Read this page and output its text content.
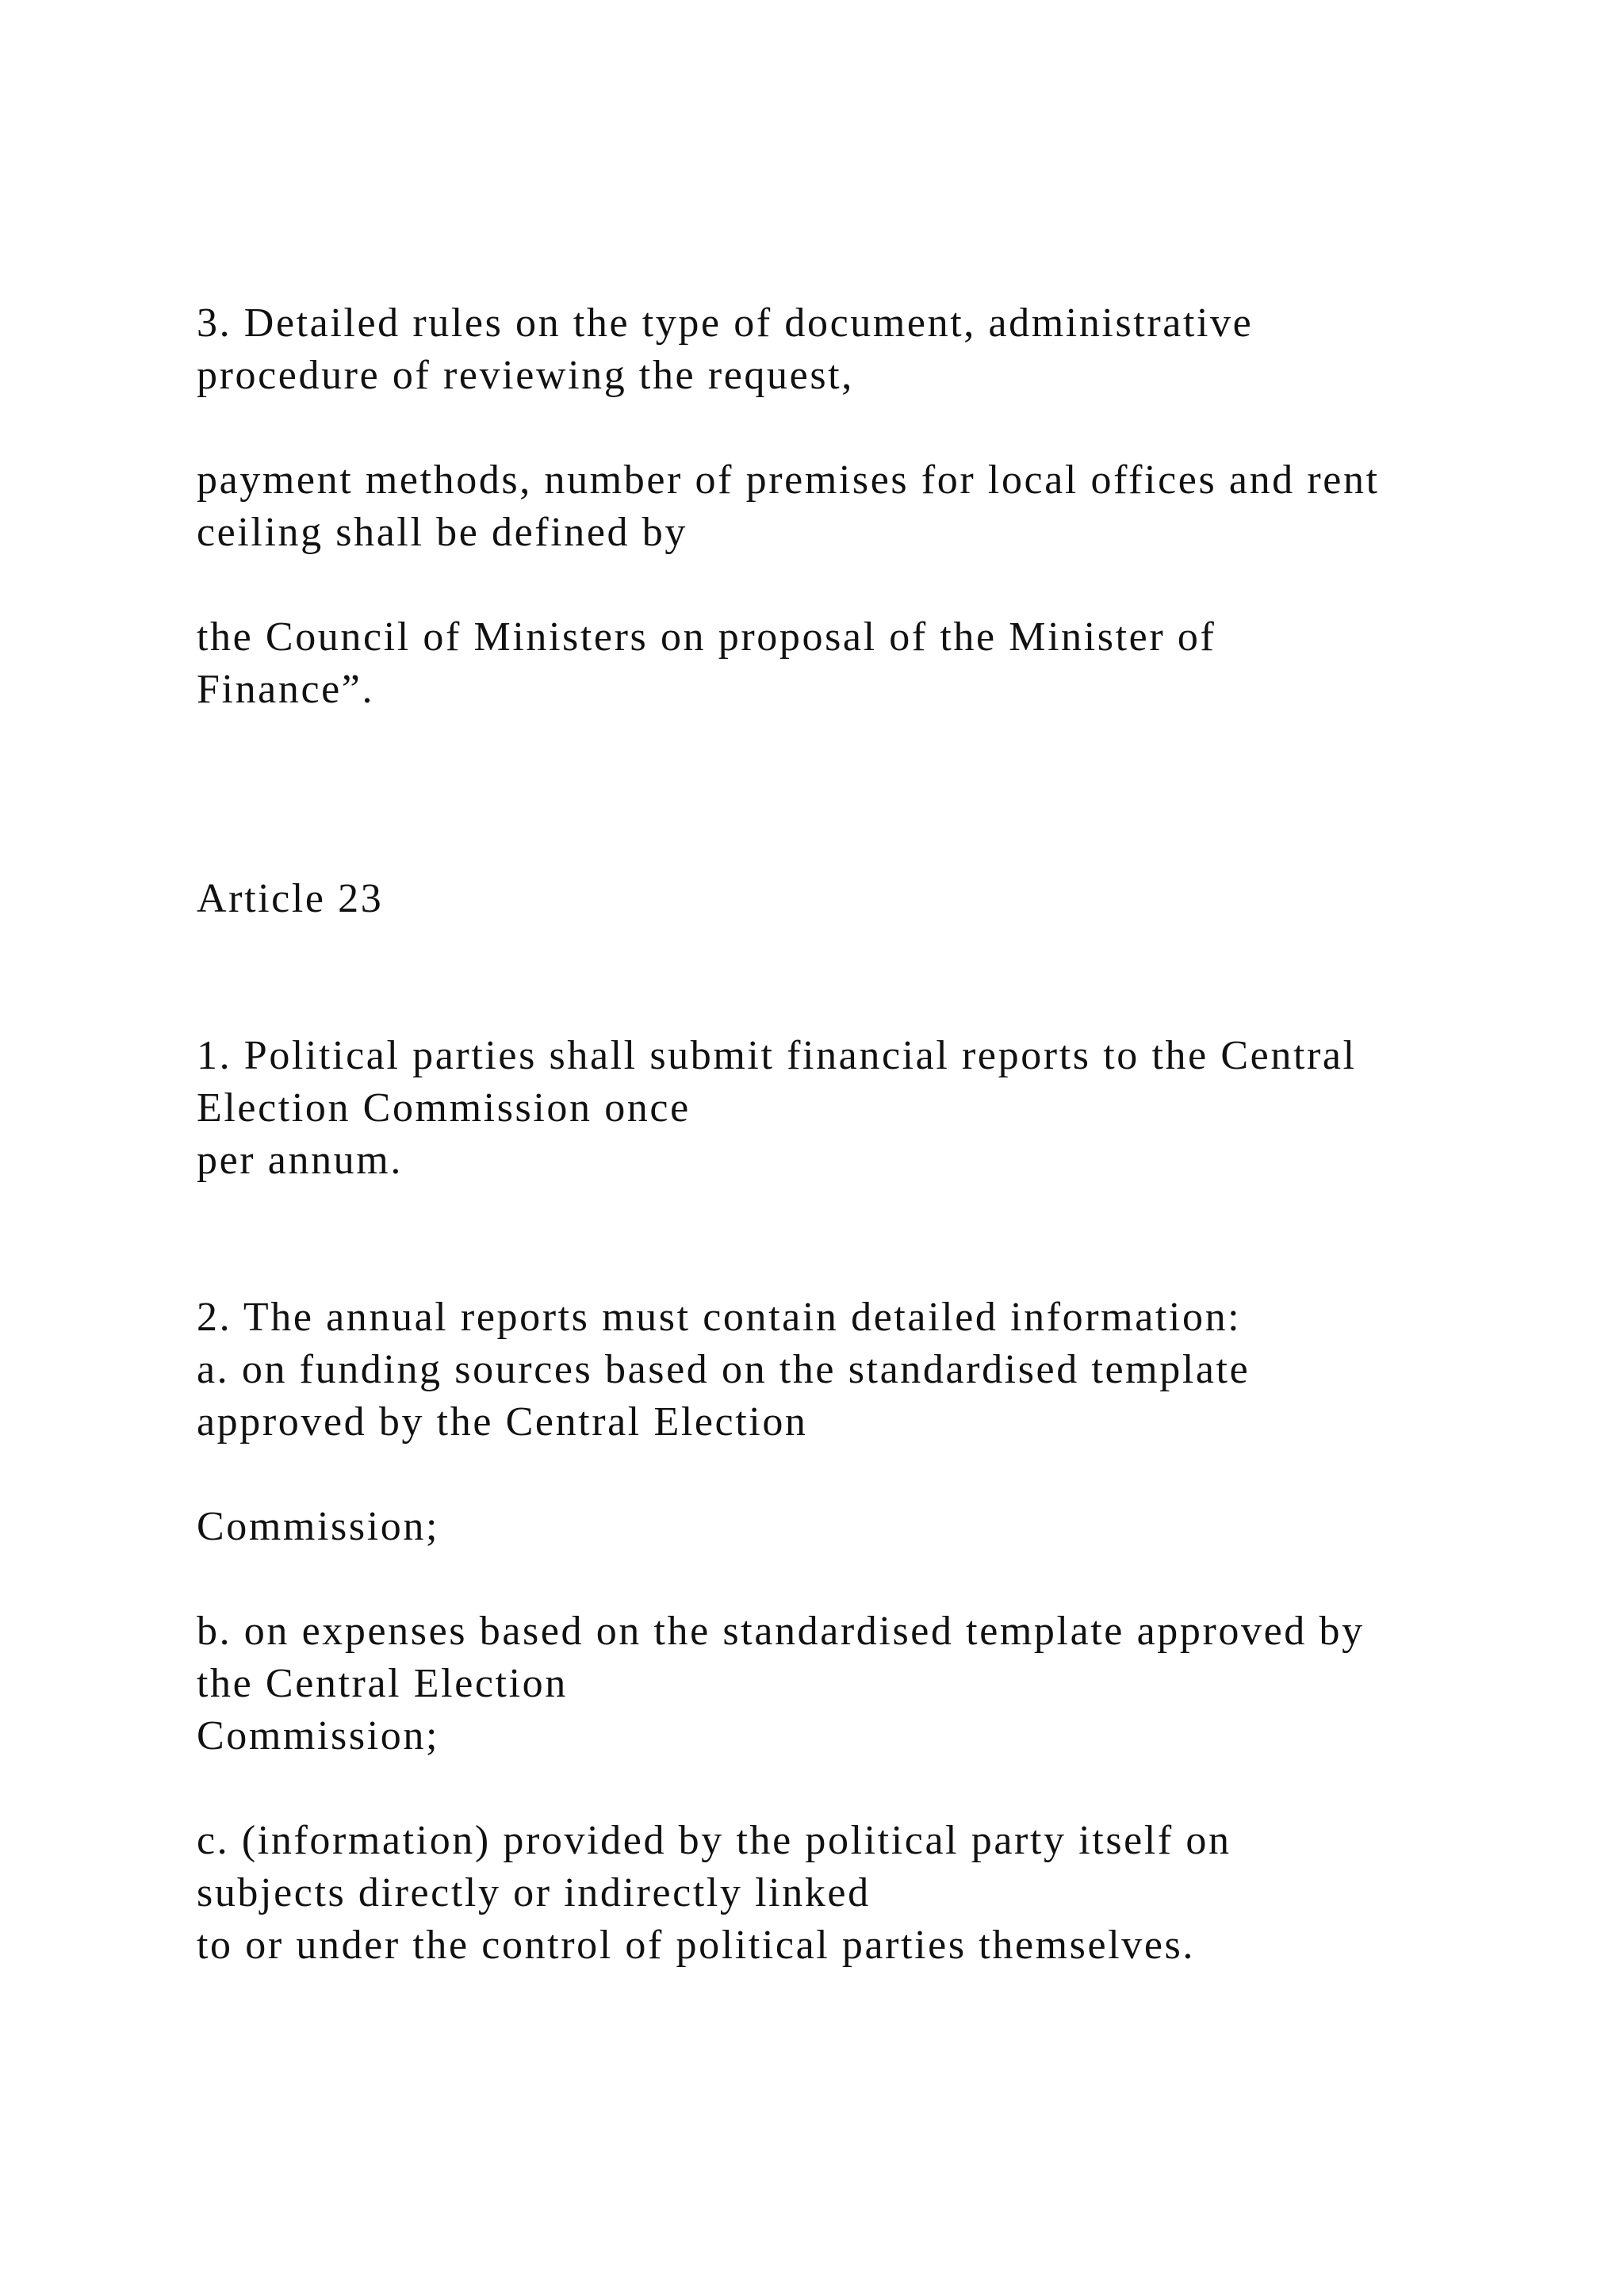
3. Detailed rules on the type of document, administrative

procedure of reviewing the request,

payment methods, number of premises for local offices and rent

ceiling shall be defined by

the Council of Ministers on proposal of the Minister of

Finance”.

Article 23

1. Political parties shall submit financial reports to the Central

Election Commission once

per annum.

2. The annual reports must contain detailed information:

a. on funding sources based on the standardised template

approved by the Central Election

Commission;

b. on expenses based on the standardised template approved by

the Central Election

Commission;

c. (information) provided by the political party itself on

subjects directly or indirectly linked

to or under the control of political parties themselves.
